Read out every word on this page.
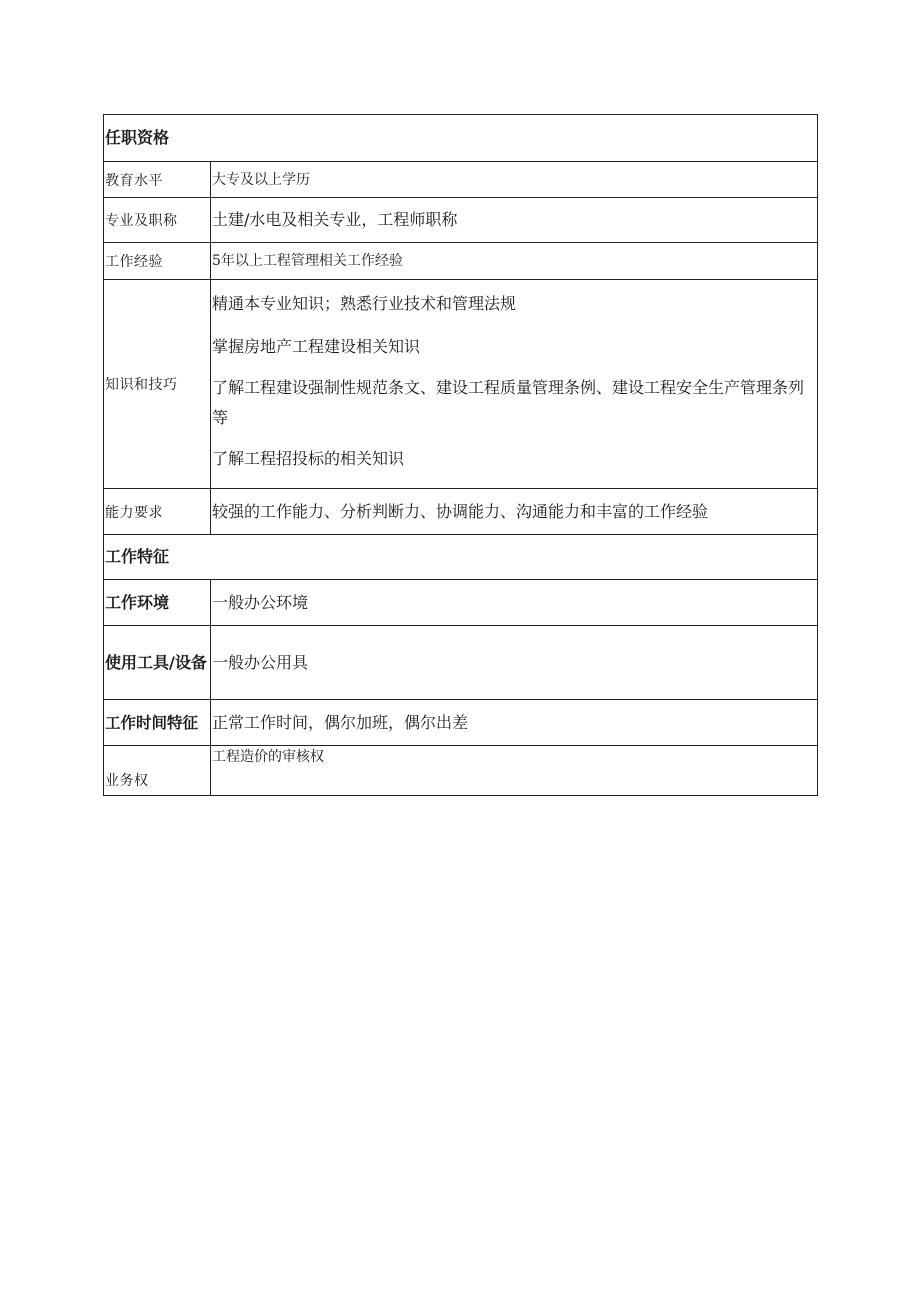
任职资格	
教育水平	大专及以上学历
专业及职称	土建/水电及相关专业，工程师职称
工作经验	5年以上工程管理相关工作经验
知识和技巧	精通本专业知识；熟悉行业技术和管理法规

掌握房地产工程建设相关知识

了解工程建设强制性规范条文、建设工程质量管理条例、建设工程安全生产管理条列等

了解工程招投标的相关知识

能力要求	较强的工作能力、分析判断力、协调能力、沟通能力和丰富的工作经验
工作特征	
工作环境	一般办公环境
使用工具/设备	一般办公用具
工作时间特征	正常工作时间，偶尔加班，偶尔出差
业务权	工程造价的审核权
